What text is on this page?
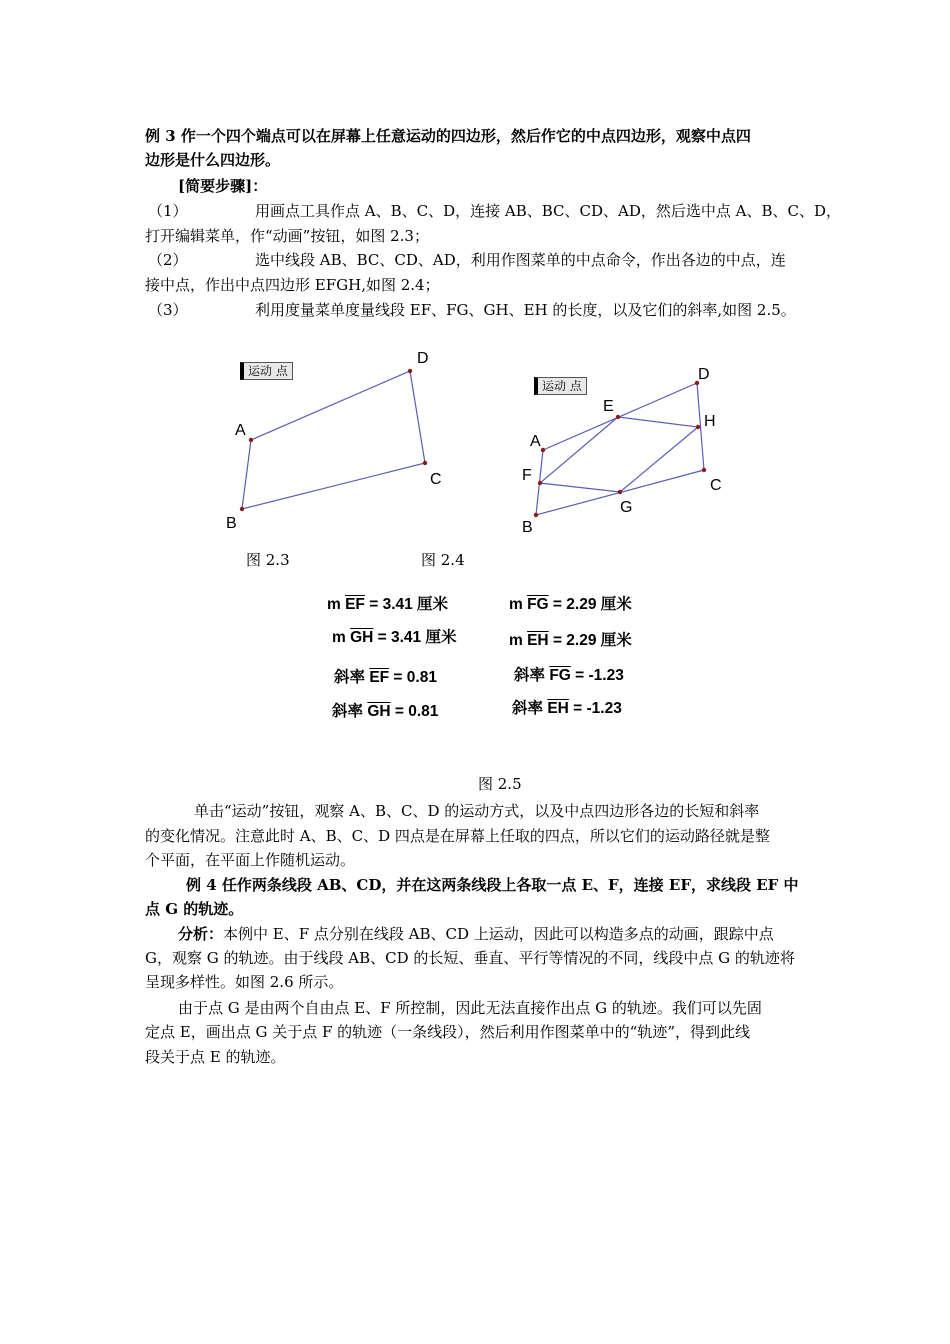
例 3 作一个四个端点可以在屏幕上任意运动的四边形，然后作它的中点四边形，观察中点四
边形是什么四边形。
[简要步骤]：
（1）	用画点工具作点 A、B、C、D，连接 AB、BC、CD、AD，然后选中点 A、B、C、D，
打开编辑菜单，作“动画”按钮，如图 2.3；
（2）	选中线段 AB、BC、CD、AD，利用作图菜单的中点命令，作出各边的中点，连
接中点，作出中点四边形 EFGH,如图 2.4；
（3）	利用度量菜单度量线段 EF、FG、GH、EH 的长度，以及它们的斜率,如图 2.5。
运动 点
A
B
C
D
运动 点
A
B
C
D
E
F
G
H
图 2.3	图 2.4
m $\overline{EF} = 3.41$ 厘米	m $\overline{FG} = 2.29$ 厘米
m $\overline{GH} = 3.41$ 厘米	m $\overline{EH} = 2.29$ 厘米
斜率 $\overline{EF} = 0.81$	斜率 $\overline{FG} = -1.23$
斜率 $\overline{GH} = 0.81$	斜率 $\overline{EH} = -1.23$
图 2.5
单击“运动”按钮，观察 A、B、C、D 的运动方式，以及中点四边形各边的长短和斜率
的变化情况。注意此时 A、B、C、D 四点是在屏幕上任取的四点，所以它们的运动路径就是整
个平面，在平面上作随机运动。
例 4 任作两条线段 AB、CD，并在这两条线段上各取一点 E、F，连接 EF，求线段 EF 中
点 G 的轨迹。
分析：本例中 E、F 点分别在线段 AB、CD 上运动，因此可以构造多点的动画，跟踪中点
G，观察 G 的轨迹。由于线段 AB、CD 的长短、垂直、平行等情况的不同，线段中点 G 的轨迹将
呈现多样性。如图 2.6 所示。
由于点 G 是由两个自由点 E、F 所控制，因此无法直接作出点 G 的轨迹。我们可以先固
定点 E，画出点 G 关于点 F 的轨迹（一条线段），然后利用作图菜单中的“轨迹”，得到此线
段关于点 E 的轨迹。
